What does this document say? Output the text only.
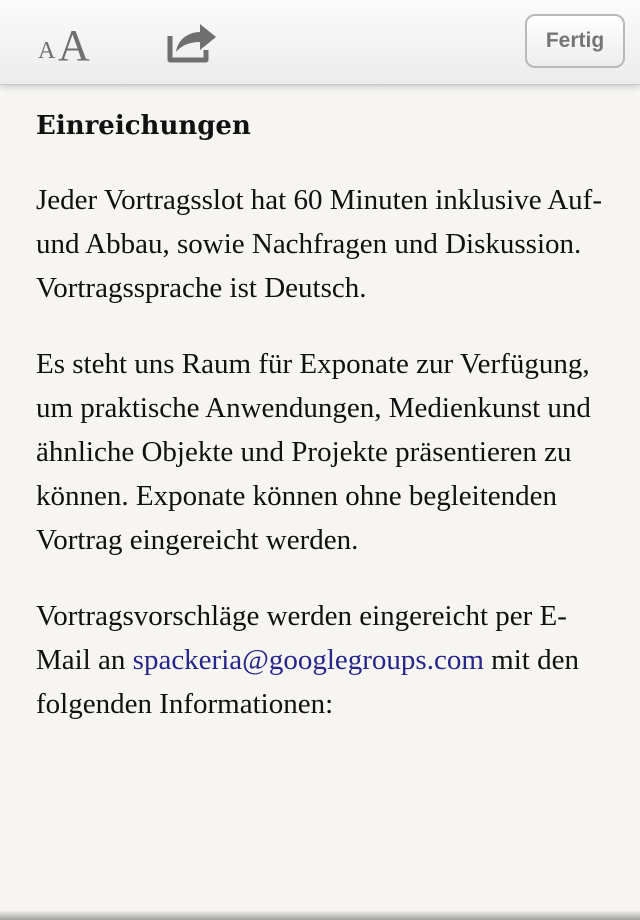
A A	Fertig
Einreichungen

Jeder Vortragsslot hat 60 Minuten inklusive Auf- und Abbau, sowie Nachfragen und Diskussion. Vortragssprache ist Deutsch.

Es steht uns Raum für Exponate zur Verfügung, um praktische Anwendungen, Medienkunst und ähnliche Objekte und Projekte präsentieren zu können. Exponate können ohne begleitenden Vortrag eingereicht werden.

Vortragsvorschläge werden eingereicht per E-Mail an spackeria@googlegroups.com mit den folgenden Informationen:
